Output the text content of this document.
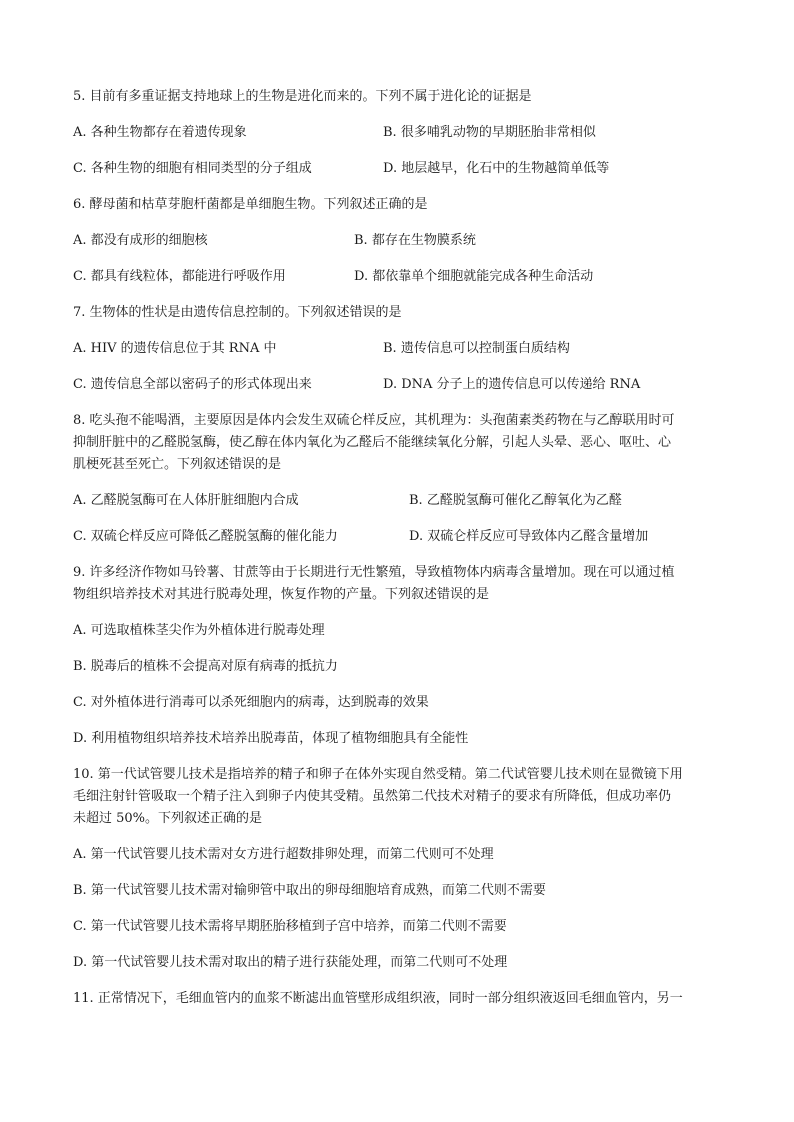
5. 目前有多重证据支持地球上的生物是进化而来的。下列不属于进化论的证据是
A. 各种生物都存在着遗传现象	B. 很多哺乳动物的早期胚胎非常相似
C. 各种生物的细胞有相同类型的分子组成	D. 地层越早，化石中的生物越简单低等
6. 酵母菌和枯草芽胞杆菌都是单细胞生物。下列叙述正确的是
A. 都没有成形的细胞核	B. 都存在生物膜系统
C. 都具有线粒体，都能进行呼吸作用	D. 都依靠单个细胞就能完成各种生命活动
7. 生物体的性状是由遗传信息控制的。下列叙述错误的是
A. HIV 的遗传信息位于其 RNA 中	B. 遗传信息可以控制蛋白质结构
C. 遗传信息全部以密码子的形式体现出来	D. DNA 分子上的遗传信息可以传递给 RNA
8. 吃头孢不能喝酒，主要原因是体内会发生双硫仑样反应，其机理为：头孢菌素类药物在与乙醇联用时可
抑制肝脏中的乙醛脱氢酶，使乙醇在体内氧化为乙醛后不能继续氧化分解，引起人头晕、恶心、呕吐、心
肌梗死甚至死亡。下列叙述错误的是
A. 乙醛脱氢酶可在人体肝脏细胞内合成	B. 乙醛脱氢酶可催化乙醇氧化为乙醛
C. 双硫仑样反应可降低乙醛脱氢酶的催化能力	D. 双硫仑样反应可导致体内乙醛含量增加
9. 许多经济作物如马铃薯、甘蔗等由于长期进行无性繁殖，导致植物体内病毒含量增加。现在可以通过植
物组织培养技术对其进行脱毒处理，恢复作物的产量。下列叙述错误的是
A. 可选取植株茎尖作为外植体进行脱毒处理
B. 脱毒后的植株不会提高对原有病毒的抵抗力
C. 对外植体进行消毒可以杀死细胞内的病毒，达到脱毒的效果
D. 利用植物组织培养技术培养出脱毒苗，体现了植物细胞具有全能性
10. 第一代试管婴儿技术是指培养的精子和卵子在体外实现自然受精。第二代试管婴儿技术则在显微镜下用
毛细注射针管吸取一个精子注入到卵子内使其受精。虽然第二代技术对精子的要求有所降低，但成功率仍
未超过 50%。下列叙述正确的是
A. 第一代试管婴儿技术需对女方进行超数排卵处理，而第二代则可不处理
B. 第一代试管婴儿技术需对输卵管中取出的卵母细胞培育成熟，而第二代则不需要
C. 第一代试管婴儿技术需将早期胚胎移植到子宫中培养，而第二代则不需要
D. 第一代试管婴儿技术需对取出的精子进行获能处理，而第二代则可不处理
11. 正常情况下，毛细血管内的血浆不断滤出血管壁形成组织液，同时一部分组织液返回毛细血管内，另一
